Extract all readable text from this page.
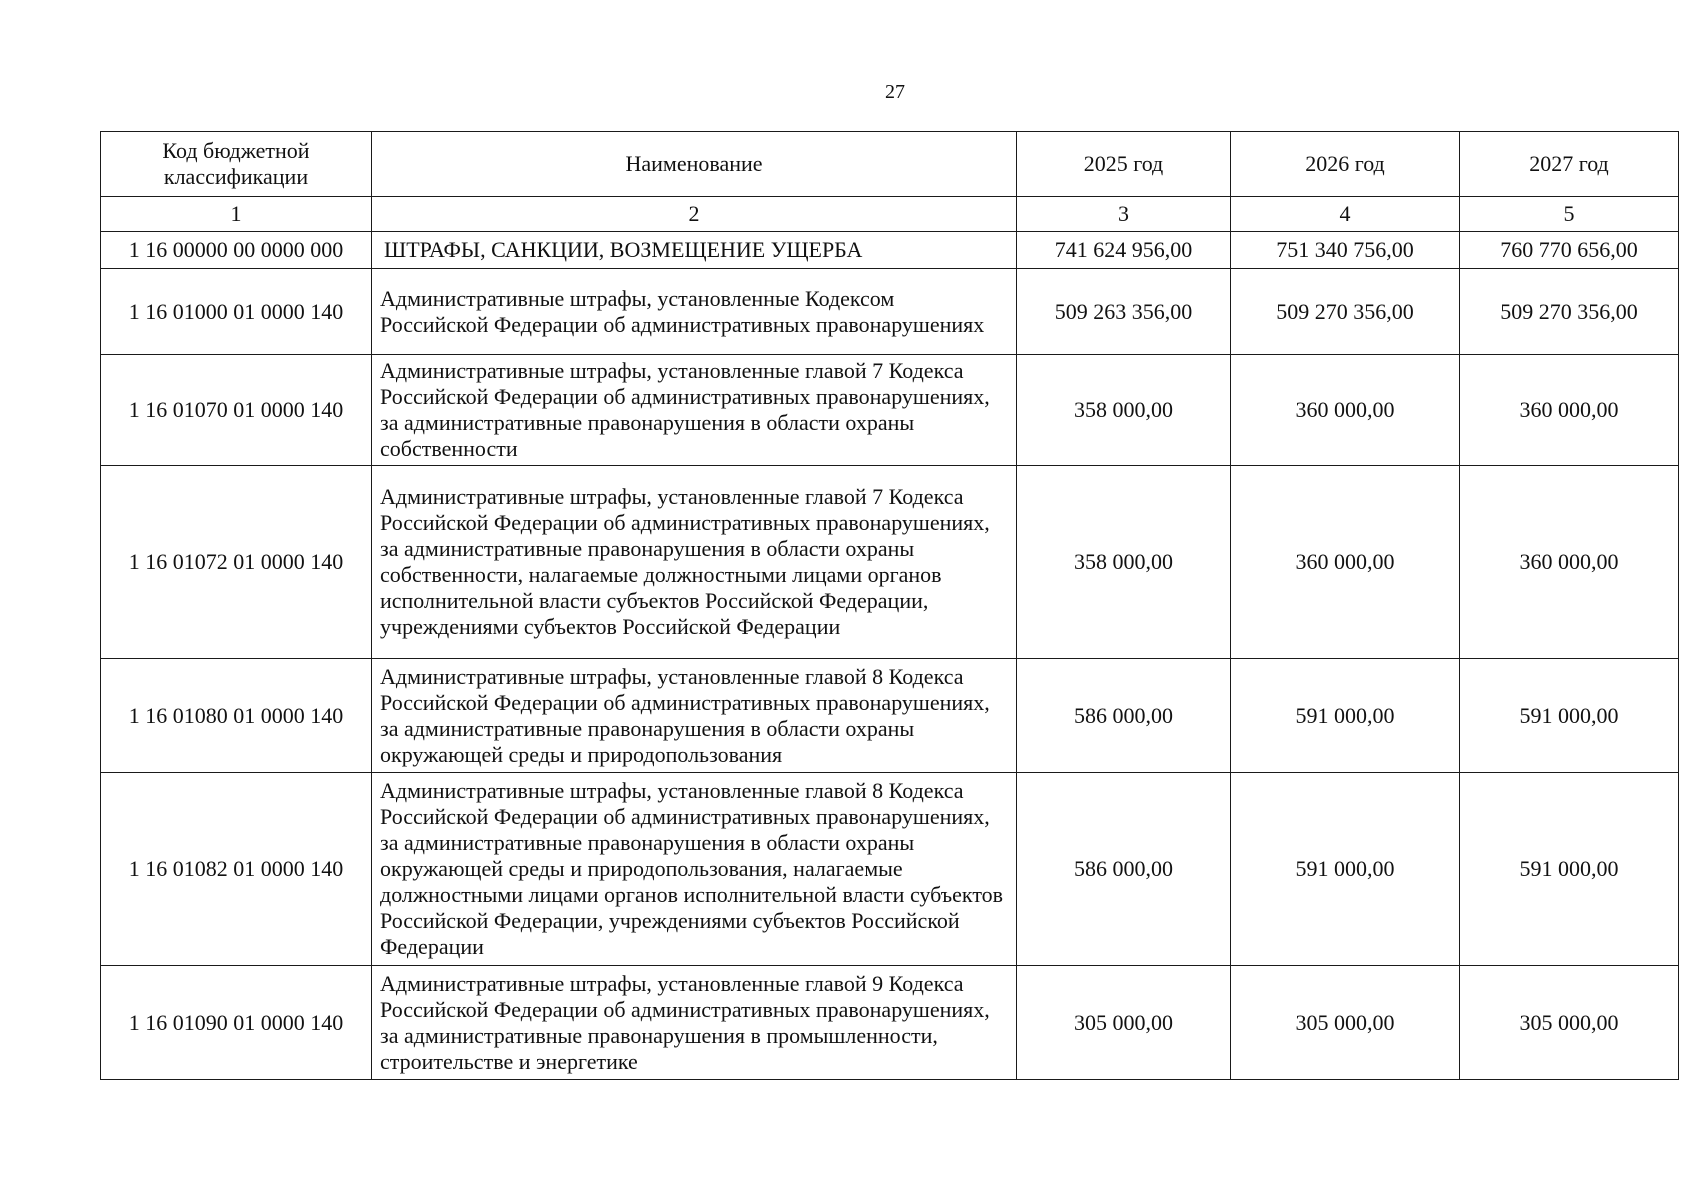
27
Код бюджетной классификации	Наименование	2025 год	2026 год	2027 год
1	2	3	4	5
1 16 00000 00 0000 000	ШТРАФЫ, САНКЦИИ, ВОЗМЕЩЕНИЕ УЩЕРБА	741 624 956,00	751 340 756,00	760 770 656,00
1 16 01000 01 0000 140	Административные штрафы, установленные Кодексом Российской Федерации об административных правонарушениях	509 263 356,00	509 270 356,00	509 270 356,00
1 16 01070 01 0000 140	Административные штрафы, установленные главой 7 Кодекса Российской Федерации об административных правонарушениях, за административные правонарушения в области охраны собственности	358 000,00	360 000,00	360 000,00
1 16 01072 01 0000 140	Административные штрафы, установленные главой 7 Кодекса Российской Федерации об административных правонарушениях, за административные правонарушения в области охраны собственности, налагаемые должностными лицами органов исполнительной власти субъектов Российской Федерации, учреждениями субъектов Российской Федерации	358 000,00	360 000,00	360 000,00
1 16 01080 01 0000 140	Административные штрафы, установленные главой 8 Кодекса Российской Федерации об административных правонарушениях, за административные правонарушения в области охраны окружающей среды и природопользования	586 000,00	591 000,00	591 000,00
1 16 01082 01 0000 140	Административные штрафы, установленные главой 8 Кодекса Российской Федерации об административных правонарушениях, за административные правонарушения в области охраны окружающей среды и природопользования, налагаемые должностными лицами органов исполнительной власти субъектов Российской Федерации, учреждениями субъектов Российской Федерации	586 000,00	591 000,00	591 000,00
1 16 01090 01 0000 140	Административные штрафы, установленные главой 9 Кодекса Российской Федерации об административных правонарушениях, за административные правонарушения в промышленности, строительстве и энергетике	305 000,00	305 000,00	305 000,00
